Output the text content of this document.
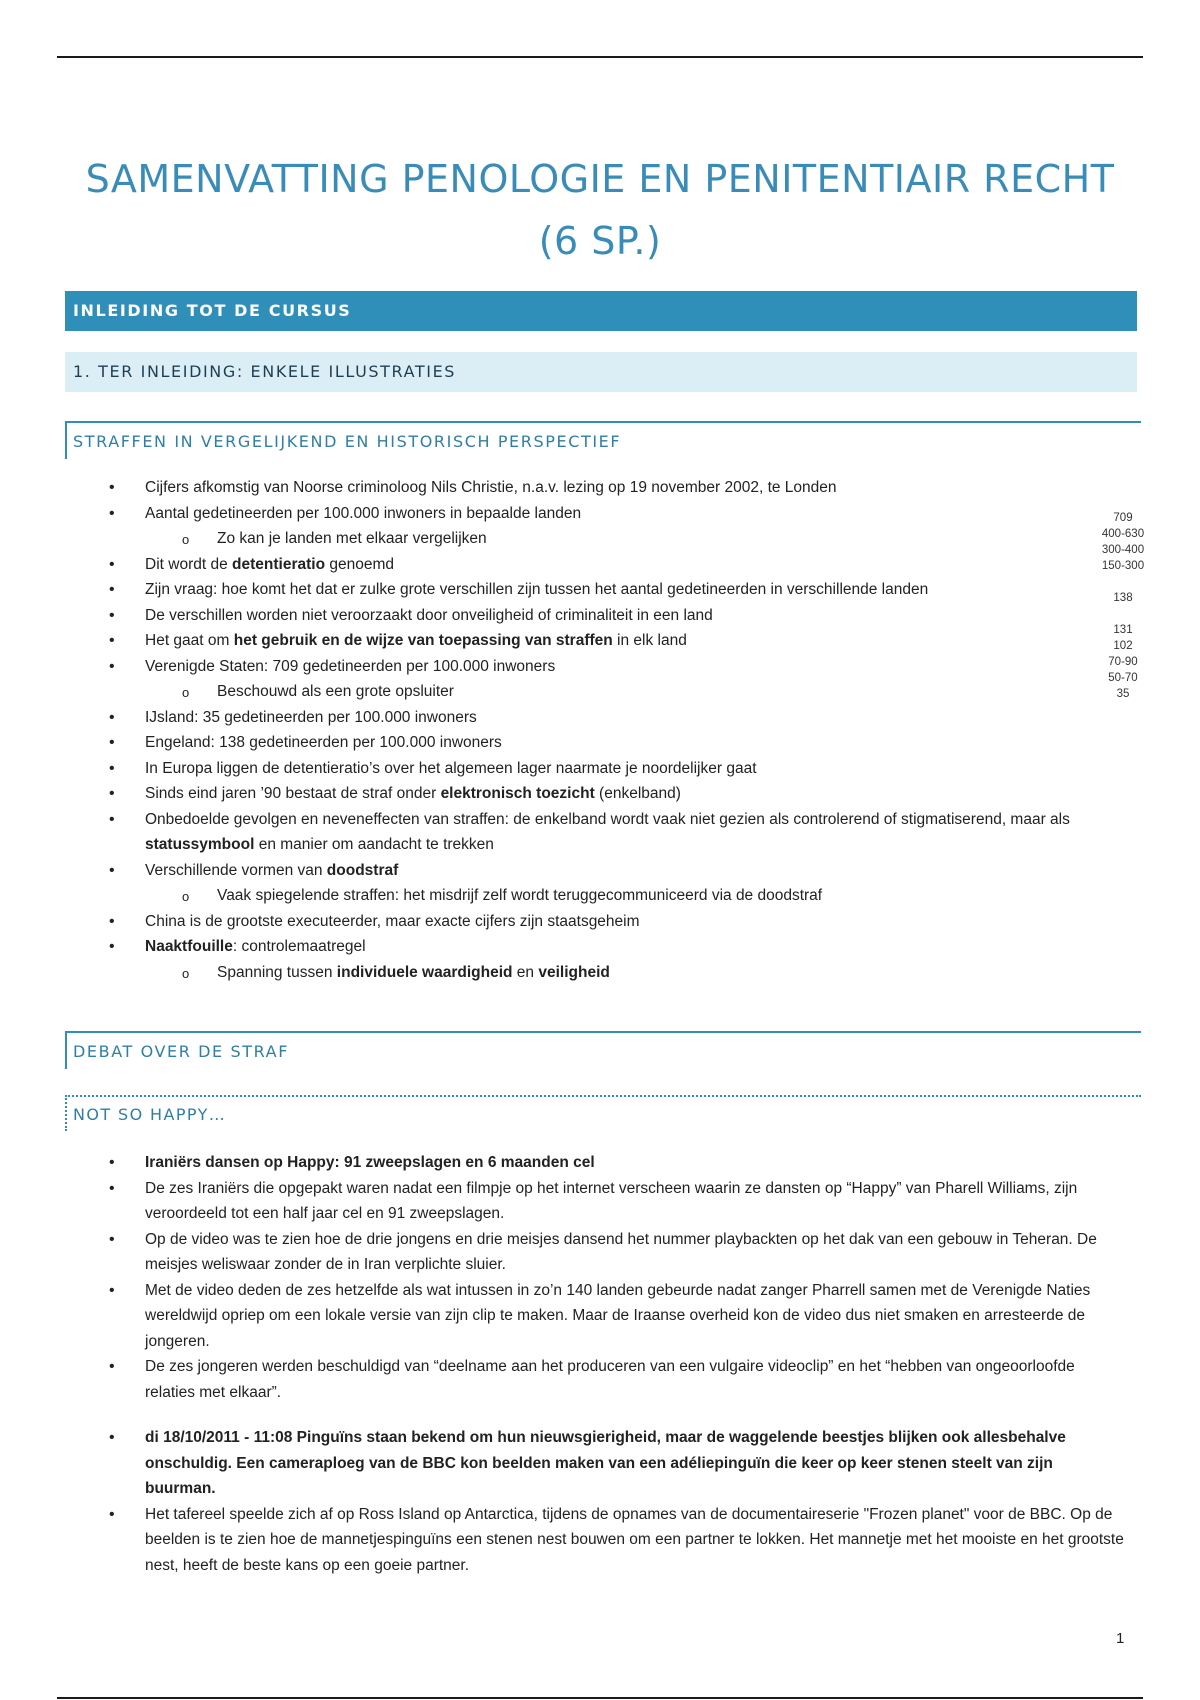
SAMENVATTING PENOLOGIE EN PENITENTIAIR RECHT (6 SP.)
INLEIDING TOT DE CURSUS
1. TER INLEIDING: ENKELE ILLUSTRATIES
STRAFFEN IN VERGELIJKEND EN HISTORISCH PERSPECTIEF
• Cijfers afkomstig van Noorse criminoloog Nils Christie, n.a.v. lezing op 19 november 2002, te Londen
• Aantal gedetineerden per 100.000 inwoners in bepaalde landen
o Zo kan je landen met elkaar vergelijken
• Dit wordt de detentieratio genoemd
• Zijn vraag: hoe komt het dat er zulke grote verschillen zijn tussen het aantal gedetineerden in verschillende landen
• De verschillen worden niet veroorzaakt door onveiligheid of criminaliteit in een land
• Het gaat om het gebruik en de wijze van toepassing van straffen in elk land
• Verenigde Staten: 709 gedetineerden per 100.000 inwoners
o Beschouwd als een grote opsluiter
• IJsland: 35 gedetineerden per 100.000 inwoners
• Engeland: 138 gedetineerden per 100.000 inwoners
• In Europa liggen de detentieratio’s over het algemeen lager naarmate je noordelijker gaat
• Sinds eind jaren ’90 bestaat de straf onder elektronisch toezicht (enkelband)
• Onbedoelde gevolgen en neveneffecten van straffen: de enkelband wordt vaak niet gezien als controlerend of stigmatiserend, maar als statussymbool en manier om aandacht te trekken
• Verschillende vormen van doodstraf
o Vaak spiegelende straffen: het misdrijf zelf wordt teruggecommuniceerd via de doodstraf
• China is de grootste executeerder, maar exacte cijfers zijn staatsgeheim
• Naaktfouille: controlemaatregel
o Spanning tussen individuele waardigheid en veiligheid
709
400-630
300-400
150-300
138
131
102
70-90
50-70
35
DEBAT OVER DE STRAF
NOT SO HAPPY…
• Iraniërs dansen op Happy: 91 zweepslagen en 6 maanden cel
• De zes Iraniërs die opgepakt waren nadat een filmpje op het internet verscheen waarin ze dansten op “Happy” van Pharell Williams, zijn veroordeeld tot een half jaar cel en 91 zweepslagen.
• Op de video was te zien hoe de drie jongens en drie meisjes dansend het nummer playbackten op het dak van een gebouw in Teheran. De meisjes weliswaar zonder de in Iran verplichte sluier.
• Met de video deden de zes hetzelfde als wat intussen in zo’n 140 landen gebeurde nadat zanger Pharrell samen met de Verenigde Naties wereldwijd opriep om een lokale versie van zijn clip te maken. Maar de Iraanse overheid kon de video dus niet smaken en arresteerde de jongeren.
• De zes jongeren werden beschuldigd van “deelname aan het produceren van een vulgaire videoclip” en het “hebben van ongeoorloofde relaties met elkaar”.
• di 18/10/2011 - 11:08 Pinguïns staan bekend om hun nieuwsgierigheid, maar de waggelende beestjes blijken ook allesbehalve onschuldig. Een cameraploeg van de BBC kon beelden maken van een adéliepinguïn die keer op keer stenen steelt van zijn buurman.
• Het tafereel speelde zich af op Ross Island op Antarctica, tijdens de opnames van de documentaireserie "Frozen planet" voor de BBC. Op de beelden is te zien hoe de mannetjespinguïns een stenen nest bouwen om een partner te lokken. Het mannetje met het mooiste en het grootste nest, heeft de beste kans op een goeie partner.
1
